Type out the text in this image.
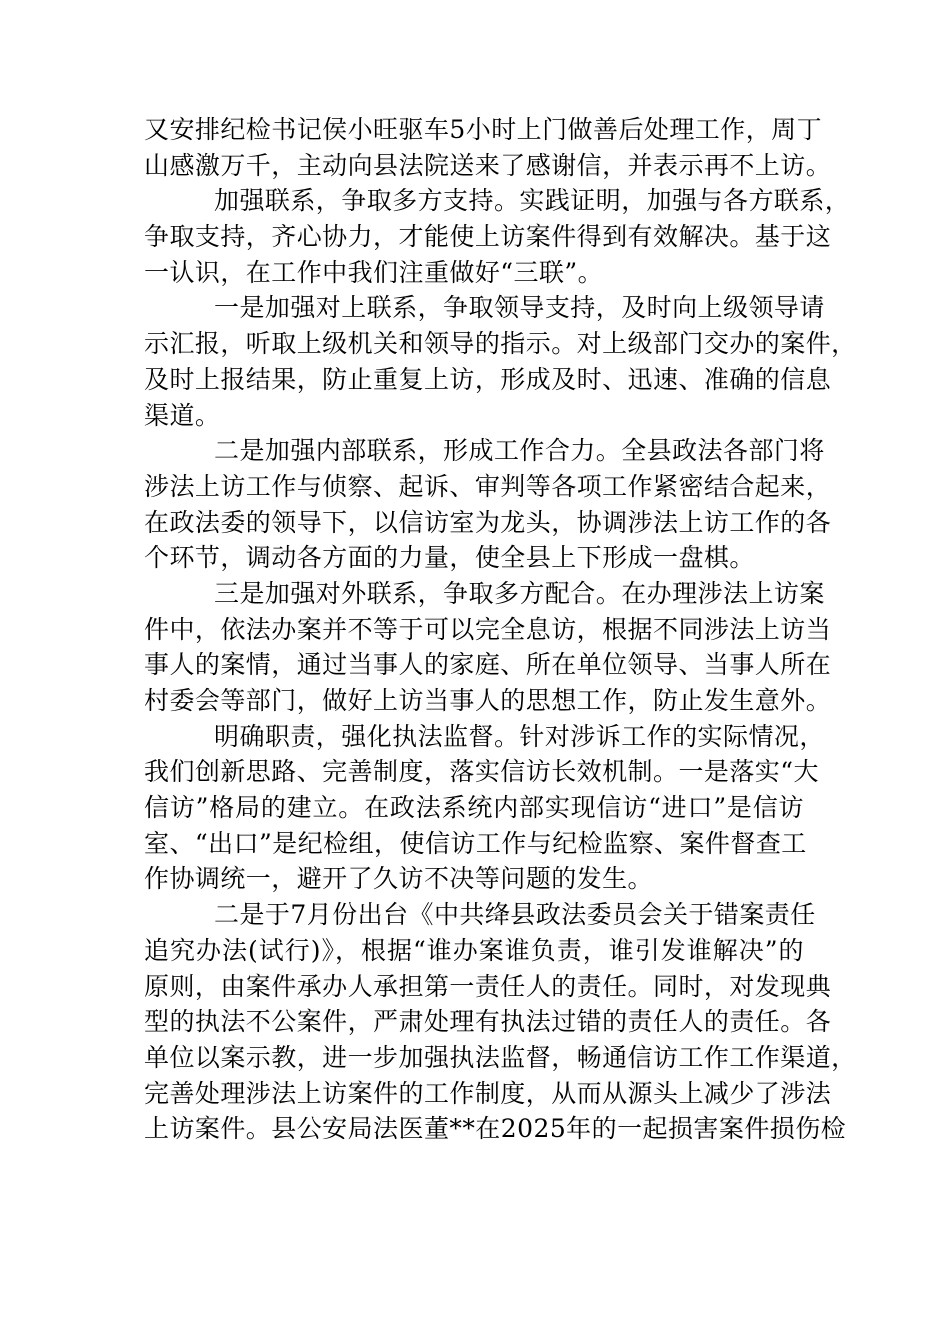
又安排纪检书记侯小旺驱车5小时上门做善后处理工作，周丁
山感激万千，主动向县法院送来了感谢信，并表示再不上访。
加强联系，争取多方支持。实践证明，加强与各方联系，
争取支持，齐心协力，才能使上访案件得到有效解决。基于这
一认识，在工作中我们注重做好“三联”。
一是加强对上联系，争取领导支持，及时向上级领导请
示汇报，听取上级机关和领导的指示。对上级部门交办的案件，
及时上报结果，防止重复上访，形成及时、迅速、准确的信息
渠道。
二是加强内部联系，形成工作合力。全县政法各部门将
涉法上访工作与侦察、起诉、审判等各项工作紧密结合起来，
在政法委的领导下，以信访室为龙头，协调涉法上访工作的各
个环节，调动各方面的力量，使全县上下形成一盘棋。
三是加强对外联系，争取多方配合。在办理涉法上访案
件中，依法办案并不等于可以完全息访，根据不同涉法上访当
事人的案情，通过当事人的家庭、所在单位领导、当事人所在
村委会等部门，做好上访当事人的思想工作，防止发生意外。
明确职责，强化执法监督。针对涉诉工作的实际情况，
我们创新思路、完善制度，落实信访长效机制。一是落实“大
信访”格局的建立。在政法系统内部实现信访“进口”是信访
室、“出口”是纪检组，使信访工作与纪检监察、案件督查工
作协调统一，避开了久访不决等问题的发生。
二是于7月份出台《中共绛县政法委员会关于错案责任
追究办法(试行)》，根据“谁办案谁负责，谁引发谁解决”的
原则，由案件承办人承担第一责任人的责任。同时，对发现典
型的执法不公案件，严肃处理有执法过错的责任人的责任。各
单位以案示教，进一步加强执法监督，畅通信访工作工作渠道，
完善处理涉法上访案件的工作制度，从而从源头上减少了涉法
上访案件。县公安局法医董**在2025年的一起损害案件损伤检
